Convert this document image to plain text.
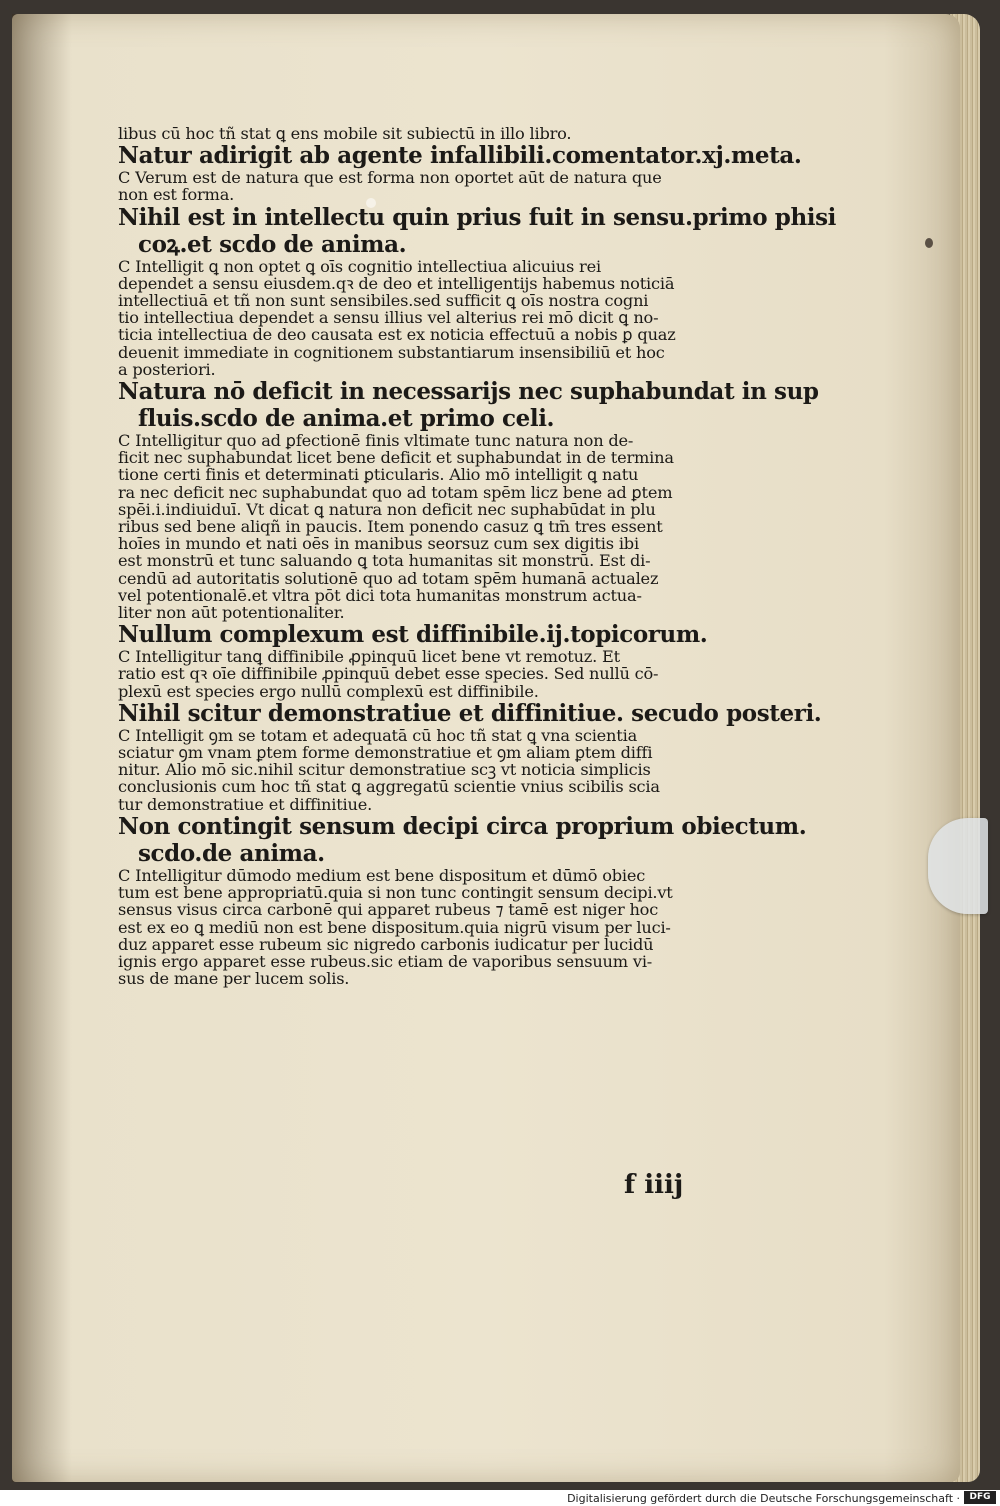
libus cū hoc tñ stat ꝗ ens mobile sit subiectū in illo libro.
Natur adirigit ab agente infallibili.comentator.xj.meta.
C Verum est de natura que est forma non oportet aūt de natura que
non est forma.
Nihil est in intellectu quin prius fuit in sensu.primo phisi
coꝝ.et scdo de anima.
C Intelligit ꝗ non optet ꝗ oīs cognitio intellectiua alicuius rei
dependet a sensu eiusdem.qꝛ de deo et intelligentijs habemus noticiā
intellectiuā et tñ non sunt sensibiles.sed sufficit ꝗ oīs nostra cogni
tio intellectiua dependet a sensu illius vel alterius rei mō dicit ꝗ no-
ticia intellectiua de deo causata est ex noticia effectuū a nobis ꝑ quaz
deuenit immediate in cognitionem substantiarum insensibiliū et hoc
a posteriori.
Natura nō deficit in necessarijs nec suphabundat in sup
fluis.scdo de anima.et primo celi.
C Intelligitur quo ad ꝑfectionē finis vltimate tunc natura non de-
ficit nec suphabundat licet bene deficit et suphabundat in de termina
tione certi finis et determinati ꝑticularis. Alio mō intelligit ꝗ natu
ra nec deficit nec suphabundat quo ad totam spēm licz bene ad ꝑtem
spēi.i.indiuiduī. Vt dicat ꝗ natura non deficit nec suphabūdat in plu
ribus sed bene aliqñ in paucis. Item ponendo casuz ꝗ tm̄ tres essent
hoīes in mundo et nati oēs in manibus seorsuz cum sex digitis ibi
est monstrū et tunc saluando ꝗ tota humanitas sit monstrū. Est di-
cendū ad autoritatis solutionē quo ad totam spēm humanā actualez
vel potentionalē.et vltra pōt dici tota humanitas monstrum actua-
liter non aūt potentionaliter.
Nullum complexum est diffinibile.ij.topicorum.
C Intelligitur tanꝗ diffinibile ꝓpinquū licet bene vt remotuz. Et
ratio est qꝛ oīe diffinibile ꝓpinquū debet esse species. Sed nullū cō-
plexū est species ergo nullū complexū est diffinibile.
Nihil scitur demonstratiue et diffinitiue. secudo posteri.
C Intelligit ꝯm se totam et adequatā cū hoc tñ stat ꝗ vna scientia
sciatur ꝯm vnam ꝑtem forme demonstratiue et ꝯm aliam ꝑtem diffi
nitur. Alio mō sic.nihil scitur demonstratiue scꝫ vt noticia simplicis
conclusionis cum hoc tñ stat ꝗ aggregatū scientie vnius scibilis scia
tur demonstratiue et diffinitiue.
Non contingit sensum decipi circa proprium obiectum.
scdo.de anima.
C Intelligitur dūmodo medium est bene dispositum et dūmō obiec
tum est bene appropriatū.quia si non tunc contingit sensum decipi.vt
sensus visus circa carbonē qui apparet rubeus ⁊ tamē est niger hoc
est ex eo ꝗ mediū non est bene dispositum.quia nigrū visum per luci-
duz apparet esse rubeum sic nigredo carbonis iudicatur per lucidū
ignis ergo apparet esse rubeus.sic etiam de vaporibus sensuum vi-
sus de mane per lucem solis.
f iiij
Digitalisierung gefördert durch die Deutsche Forschungsgemeinschaft ·	DFG
